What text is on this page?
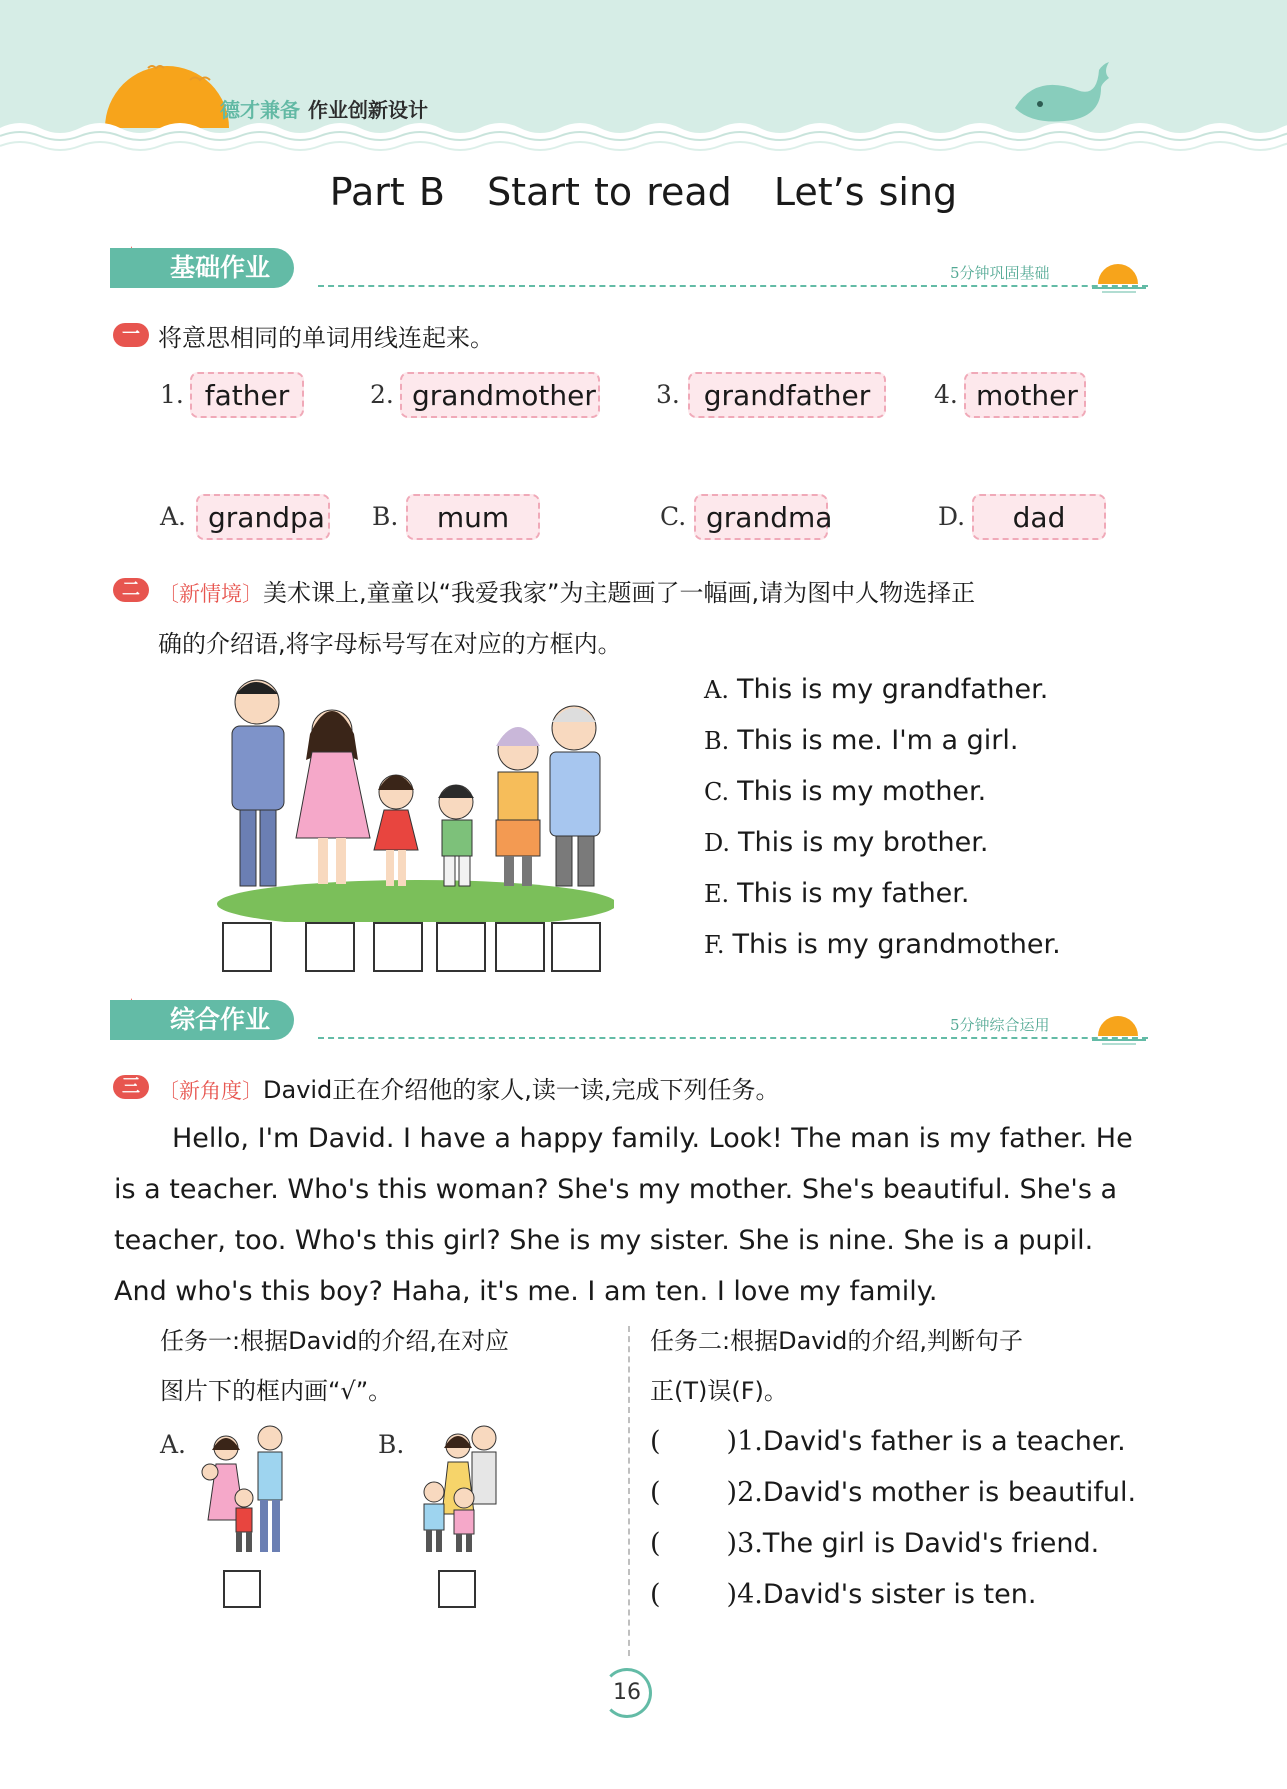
德才兼备 作业创新设计
Part B Start to read Let’s sing
基础作业	5分钟巩固基础
一 将意思相同的单词用线连起来。
1. father	2. grandmother 3. grandfather	4. mother
A. grandpa B.	mum	C. grandma	D.	dad
二 〔新情境〕美术课上,童童以“我爱我家”为主题画了一幅画,请为图中人物选择正
确的介绍语,将字母标号写在对应的方框内。
A. This is my grandfather.
B. This is me. I'm a girl.
C. This is my mother.
D. This is my brother.
E. This is my father.
F. This is my grandmother.
综合作业	5分钟综合运用
三 〔新角度〕David正在介绍他的家人,读一读,完成下列任务。
Hello, I'm David. I have a happy family. Look! The man is my father. He
is a teacher. Who's this woman? She's my mother. She's beautiful. She's a
teacher, too. Who's this girl? She is my sister. She is nine. She is a pupil.
And who's this boy? Haha, it's me. I am ten. I love my family.
任务一:根据David的介绍,在对应
图片下的框内画“√”。
A.	B.
任务二:根据David的介绍,判断句子
正(T)误(F)。
( )1.David's father is a teacher.
( )2.David's mother is beautiful.
( )3.The girl is David's friend.
( )4.David's sister is ten.
16
